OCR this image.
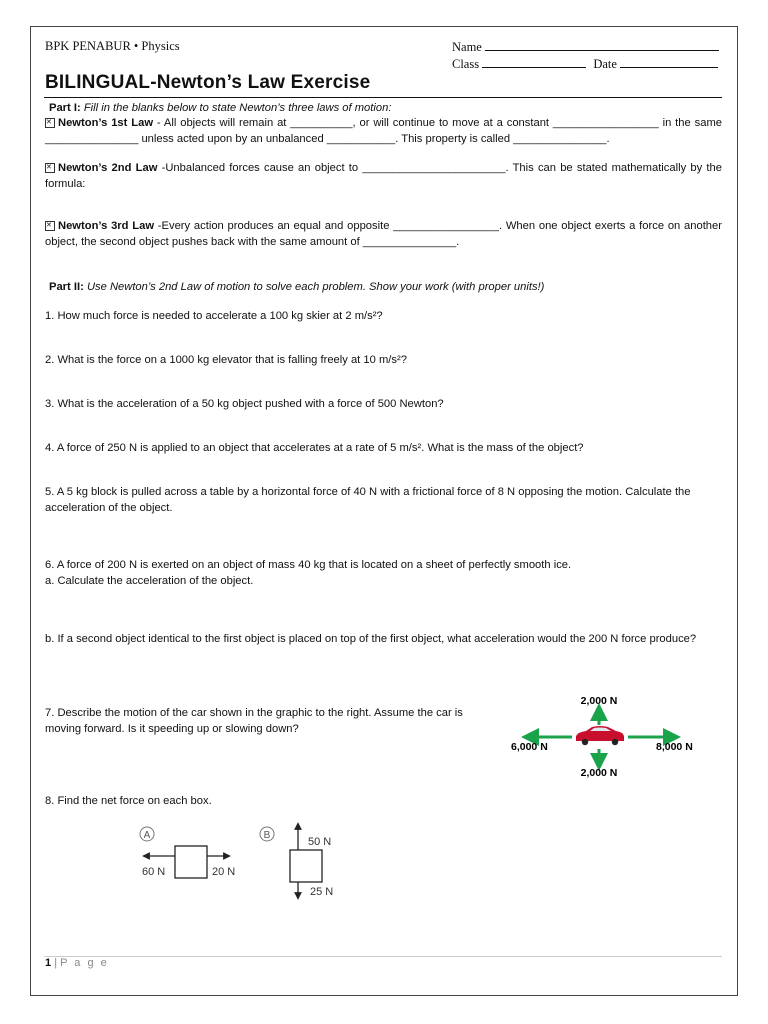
BPK PENABUR • Physics	Name
Class	Date
BILINGUAL-Newton’s Law Exercise
Part I: Fill in the blanks below to state Newton’s three laws of motion:
✕ Newton’s 1st Law - All objects will remain at __________, or will continue to move at a constant _________________ in the same _______________ unless acted upon by an unbalanced ___________. This property is called _______________.
✕ Newton’s 2nd Law -Unbalanced forces cause an object to _______________________. This can be stated mathematically by the formula:
✕ Newton’s 3rd Law -Every action produces an equal and opposite _________________. When one object exerts a force on another object, the second object pushes back with the same amount of _______________.
Part II: Use Newton’s 2nd Law of motion to solve each problem. Show your work (with proper units!)
1. How much force is needed to accelerate a 100 kg skier at 2 m/s²?
2. What is the force on a 1000 kg elevator that is falling freely at 10 m/s²?
3. What is the acceleration of a 50 kg object pushed with a force of 500 Newton?
4. A force of 250 N is applied to an object that accelerates at a rate of 5 m/s². What is the mass of the object?
5. A 5 kg block is pulled across a table by a horizontal force of 40 N with a frictional force of 8 N opposing the motion. Calculate the acceleration of the object.
6. A force of 200 N is exerted on an object of mass 40 kg that is located on a sheet of perfectly smooth ice.
a. Calculate the acceleration of the object.
b. If a second object identical to the first object is placed on top of the first object, what acceleration would the 200 N force produce?
7. Describe the motion of the car shown in the graphic to the right. Assume the car is moving forward. Is it speeding up or slowing down?
8. Find the net force on each box.
2,000 N
6,000 N	8,000 N
2,000 N
A
60 N	20 N
B
50 N
25 N
1 | P a g e
